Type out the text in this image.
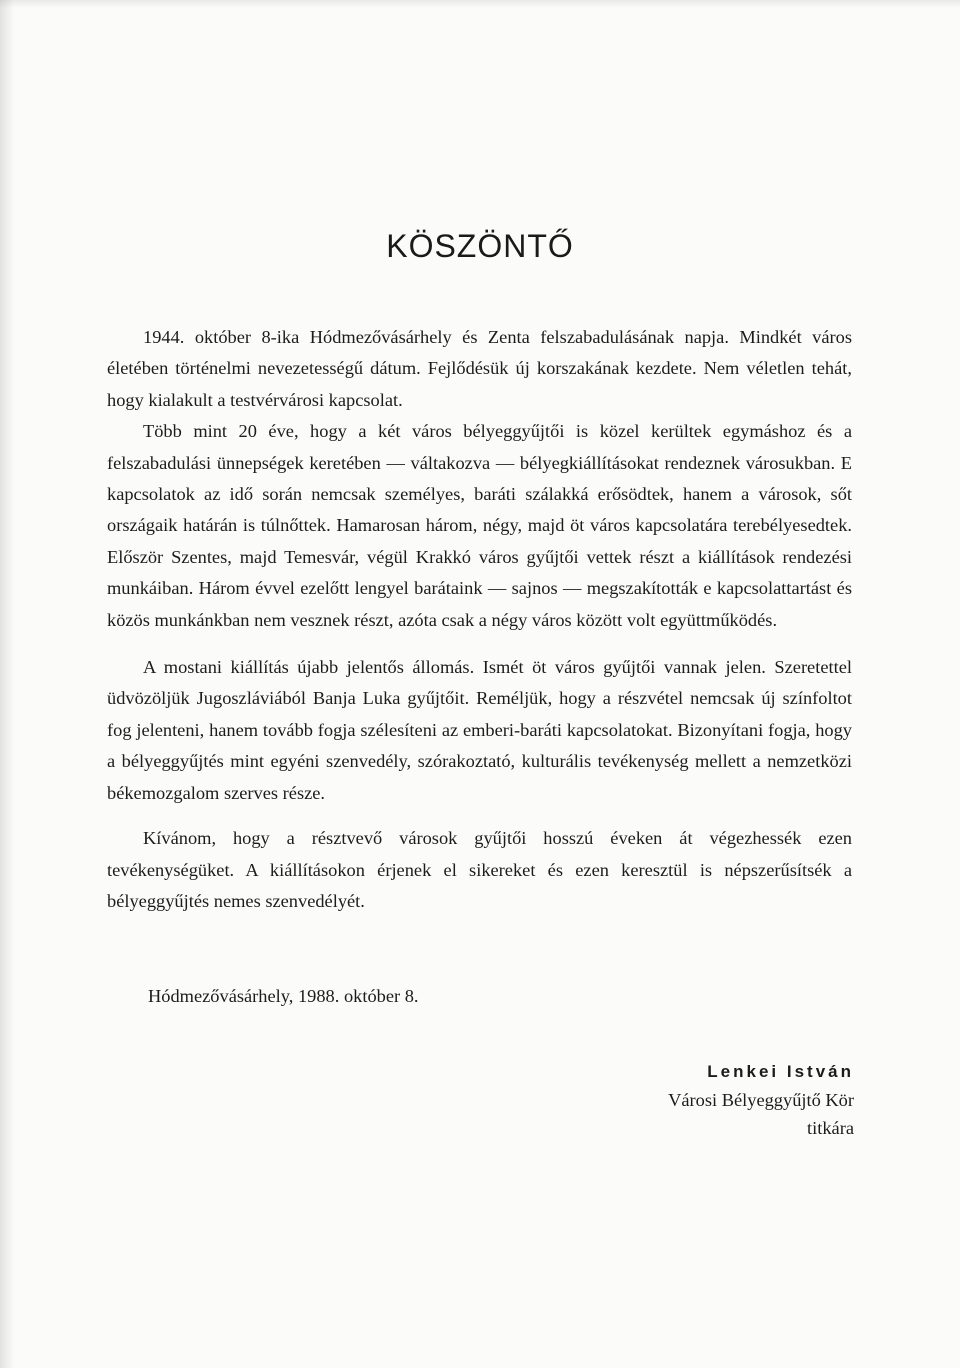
KÖSZÖNTŐ

1944. október 8-ika Hódmezővásárhely és Zenta felszabadulásának napja. Mindkét város életében történelmi nevezetességű dátum. Fejlődésük új korszakának kezdete. Nem véletlen tehát, hogy kialakult a testvérvárosi kapcsolat.

Több mint 20 éve, hogy a két város bélyeggyűjtői is közel kerültek egymáshoz és a felszabadulási ünnepségek keretében — váltakozva — bélyegkiállításokat rendeznek városukban. E kapcsolatok az idő során nemcsak személyes, baráti szálakká erősödtek, hanem a városok, sőt országaik határán is túlnőttek. Hamarosan három, négy, majd öt város kapcsolatára terebélyesedtek. Először Szentes, majd Temesvár, végül Krakkó város gyűjtői vettek részt a kiállítások rendezési munkáiban. Három évvel ezelőtt lengyel barátaink — sajnos — megszakították e kapcsolattartást és közös munkánkban nem vesznek részt, azóta csak a négy város között volt együttműködés.

A mostani kiállítás újabb jelentős állomás. Ismét öt város gyűjtői vannak jelen. Szeretettel üdvözöljük Jugoszláviából Banja Luka gyűjtőit. Reméljük, hogy a részvétel nemcsak új színfoltot fog jelenteni, hanem tovább fogja szélesíteni az emberi-baráti kapcsolatokat. Bizonyítani fogja, hogy a bélyeggyűjtés mint egyéni szenvedély, szórakoztató, kulturális tevékenység mellett a nemzetközi békemozgalom szerves része.

Kívánom, hogy a résztvevő városok gyűjtői hosszú éveken át végezhessék ezen tevékenységüket. A kiállításokon érjenek el sikereket és ezen keresztül is népszerűsítsék a bélyeggyűjtés nemes szenvedélyét.

Hódmezővásárhely, 1988. október 8.
Lenkei István
Városi Bélyeggyűjtő Kör
titkára
